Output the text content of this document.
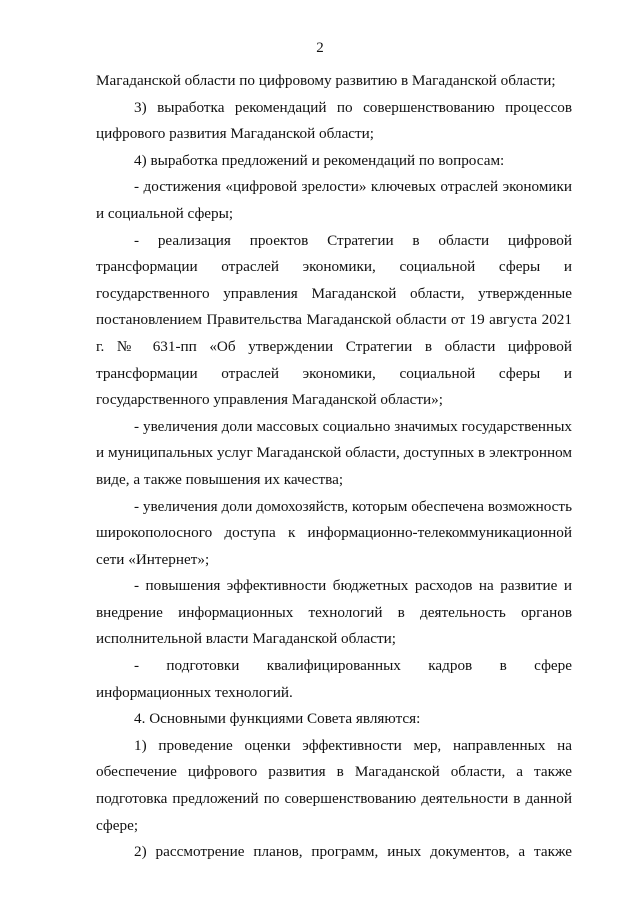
2

Магаданской области по цифровому развитию в Магаданской области;

3) выработка рекомендаций по совершенствованию процессов цифрового развития Магаданской области;

4) выработка предложений и рекомендаций по вопросам:

- достижения «цифровой зрелости» ключевых отраслей экономики и социальной сферы;

- реализация проектов Стратегии в области цифровой трансформации отраслей экономики, социальной сферы и государственного управления Магаданской области, утвержденные постановлением Правительства Магаданской области от 19 августа 2021 г. № 631-пп «Об утверждении Стратегии в области цифровой трансформации отраслей экономики, социальной сферы и государственного управления Магаданской области»;

- увеличения доли массовых социально значимых государственных и муниципальных услуг Магаданской области, доступных в электронном виде, а также повышения их качества;

- увеличения доли домохозяйств, которым обеспечена возможность широкополосного доступа к информационно-телекоммуникационной сети «Интернет»;

- повышения эффективности бюджетных расходов на развитие и внедрение информационных технологий в деятельность органов исполнительной власти Магаданской области;

- подготовки квалифицированных кадров в сфере информационных технологий.

4. Основными функциями Совета являются:

1) проведение оценки эффективности мер, направленных на обеспечение цифрового развития в Магаданской области, а также подготовка предложений по совершенствованию деятельности в данной сфере;

2) рассмотрение планов, программ, иных документов, а также
